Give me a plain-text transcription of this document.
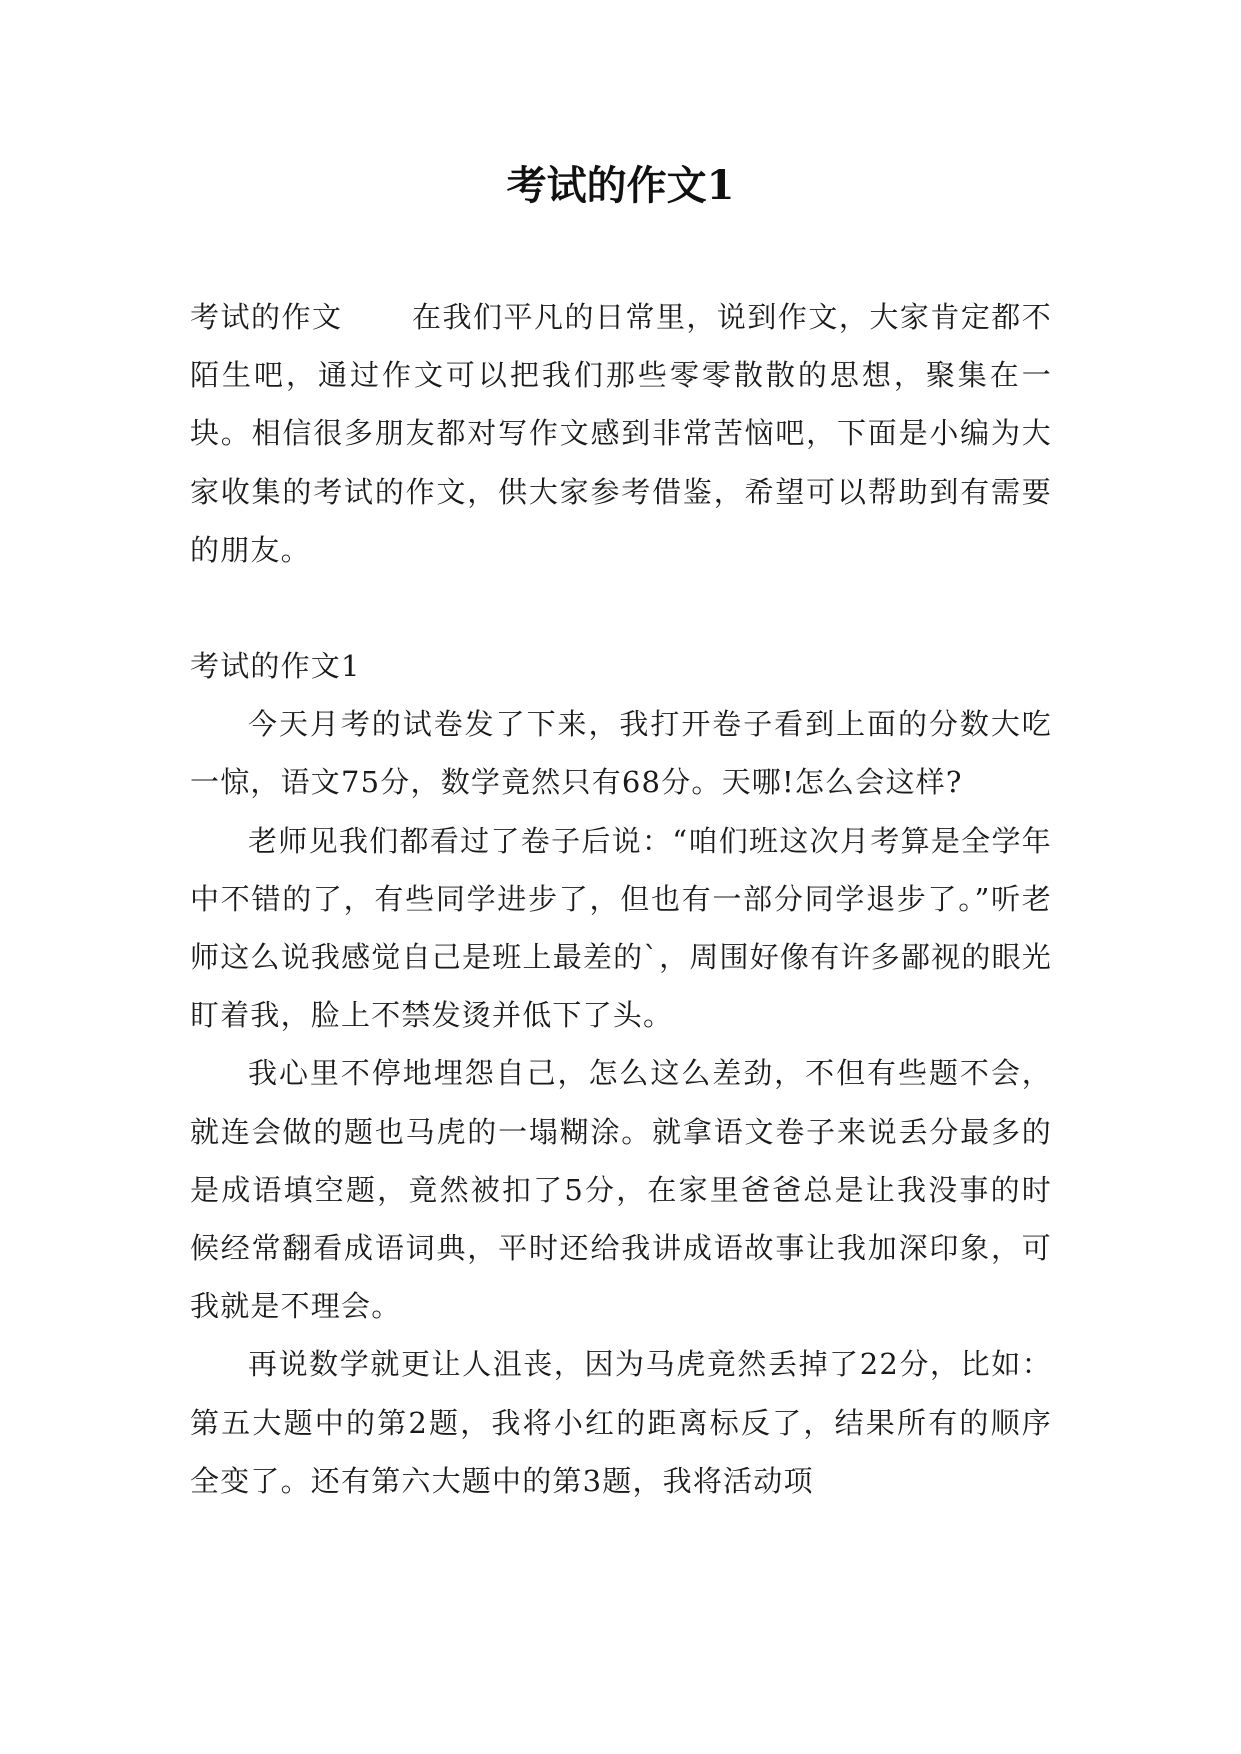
考试的作文1

考试的作文 在我们平凡的日常里，说到作文，大家肯定都不陌生吧，通过作文可以把我们那些零零散散的思想，聚集在一块。相信很多朋友都对写作文感到非常苦恼吧，下面是小编为大家收集的考试的作文，供大家参考借鉴，希望可以帮助到有需要的朋友。

考试的作文1

今天月考的试卷发了下来，我打开卷子看到上面的分数大吃一惊，语文75分，数学竟然只有68分。天哪!怎么会这样?

老师见我们都看过了卷子后说：“咱们班这次月考算是全学年中不错的了，有些同学进步了，但也有一部分同学退步了。”听老师这么说我感觉自己是班上最差的`，周围好像有许多鄙视的眼光盯着我，脸上不禁发烫并低下了头。

我心里不停地埋怨自己，怎么这么差劲，不但有些题不会，就连会做的题也马虎的一塌糊涂。就拿语文卷子来说丢分最多的是成语填空题，竟然被扣了5分，在家里爸爸总是让我没事的时候经常翻看成语词典，平时还给我讲成语故事让我加深印象，可我就是不理会。

再说数学就更让人沮丧，因为马虎竟然丢掉了22分，比如：第五大题中的第2题，我将小红的距离标反了，结果所有的顺序全变了。还有第六大题中的第3题，我将活动项
